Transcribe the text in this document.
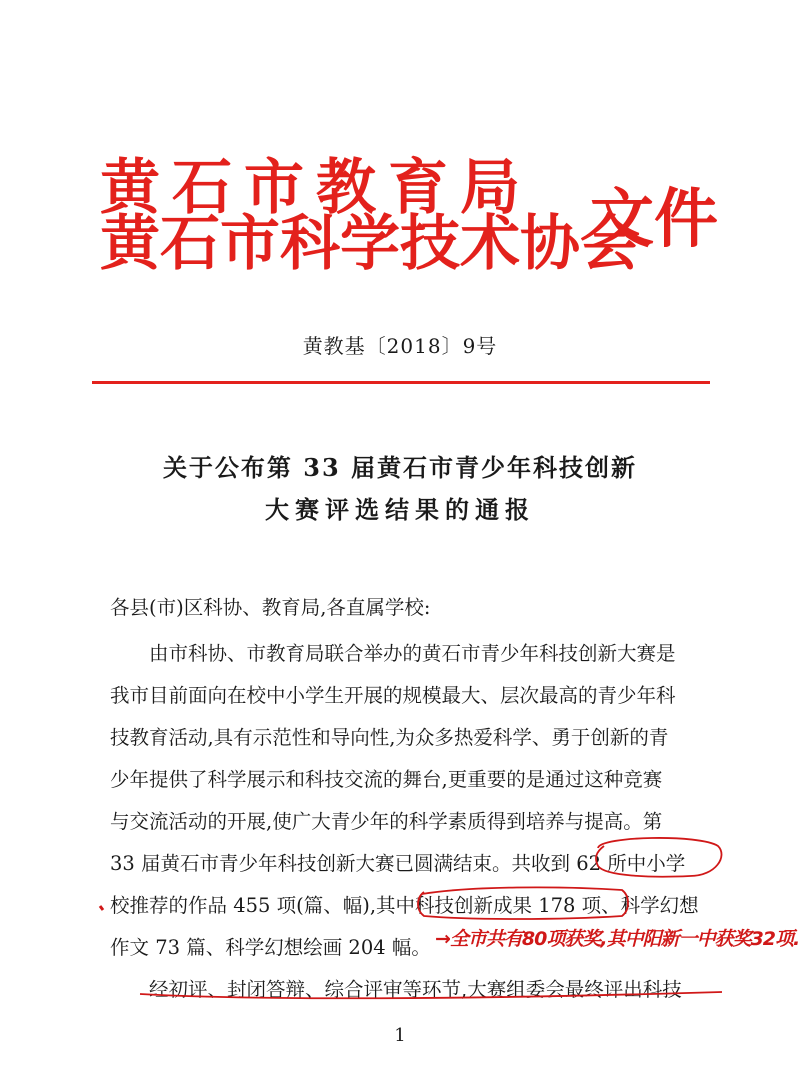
黄石市教育局
黄石市科学技术协会
文件
黄教基〔2018〕9号
关于公布第 33 届黄石市青少年科技创新
大赛评选结果的通报
各县(市)区科协、教育局,各直属学校:
　　由市科协、市教育局联合举办的黄石市青少年科技创新大赛是
我市目前面向在校中小学生开展的规模最大、层次最高的青少年科
技教育活动,具有示范性和导向性,为众多热爱科学、勇于创新的青
少年提供了科学展示和科技交流的舞台,更重要的是通过这种竞赛
与交流活动的开展,使广大青少年的科学素质得到培养与提高。第
33 届黄石市青少年科技创新大赛已圆满结束。共收到 62 所中小学
校推荐的作品 455 项(篇、幅),其中科技创新成果 178 项、科学幻想
作文 73 篇、科学幻想绘画 204 幅。
　　经初评、封闭答辩、综合评审等环节,大赛组委会最终评出科技
→全市共有80项获奖,其中阳新一中获奖32项.
1
